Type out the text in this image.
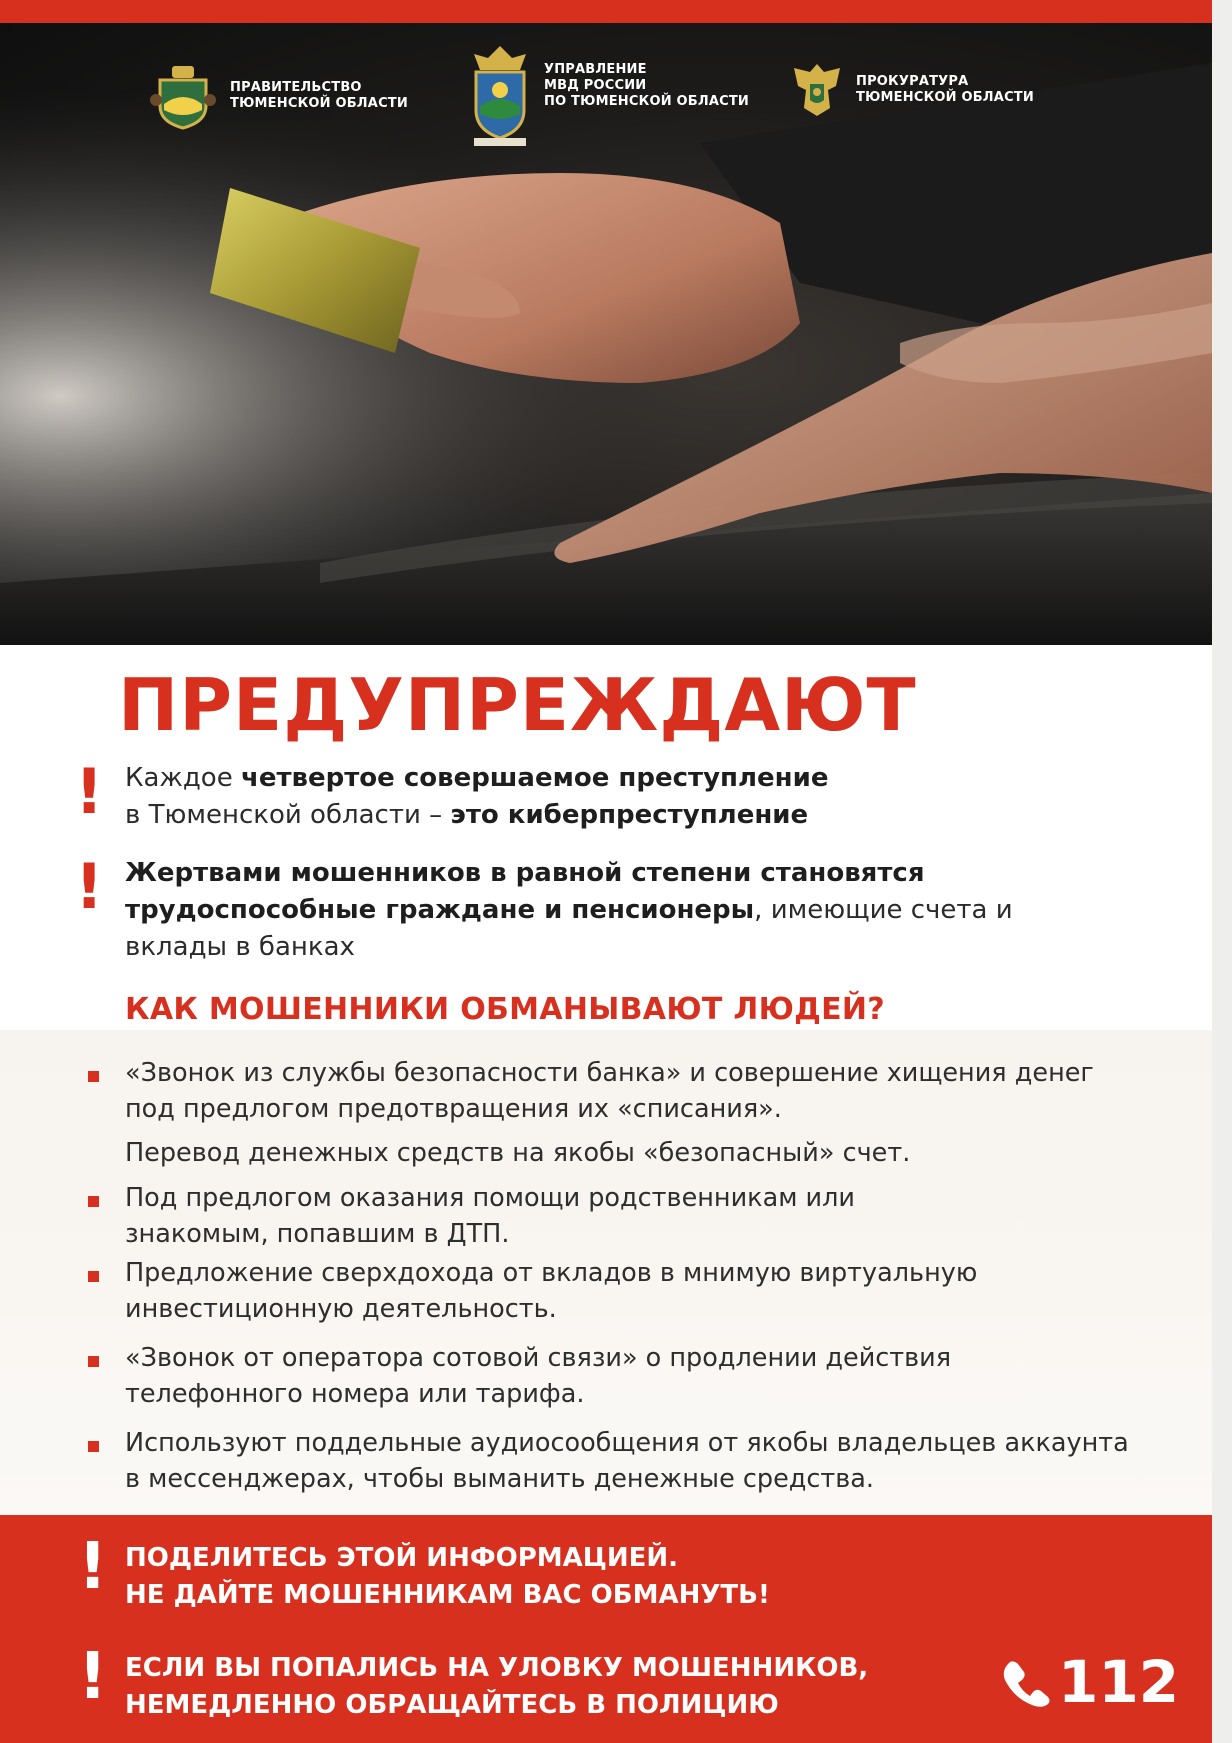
ПРАВИТЕЛЬСТВО
ТЮМЕНСКОЙ ОБЛАСТИ
УПРАВЛЕНИЕ
МВД РОССИИ
ПО ТЮМЕНСКОЙ ОБЛАСТИ
ПРОКУРАТУРА
ТЮМЕНСКОЙ ОБЛАСТИ
ПРЕДУПРЕЖДАЮТ
! Каждое четвертое совершаемое преступление
в Тюменской области – это киберпреступление
! Жертвами мошенников в равной степени становятся трудоспособные граждане и пенсионеры, имеющие счета и вклады в банках
КАК МОШЕННИКИ ОБМАНЫВАЮТ ЛЮДЕЙ?
«Звонок из службы безопасности банка» и совершение хищения денег под предлогом предотвращения их «списания».
Перевод денежных средств на якобы «безопасный» счет.
Под предлогом оказания помощи родственникам или знакомым, попавшим в ДТП.
Предложение сверхдохода от вкладов в мнимую виртуальную инвестиционную деятельность.
«Звонок от оператора сотовой связи» о продлении действия телефонного номера или тарифа.
Используют поддельные аудиосообщения от якобы владельцев аккаунта в мессенджерах, чтобы выманить денежные средства.
! ПОДЕЛИТЕСЬ ЭТОЙ ИНФОРМАЦИЕЙ.
НЕ ДАЙТЕ МОШЕННИКАМ ВАС ОБМАНУТЬ!
! ЕСЛИ ВЫ ПОПАЛИСЬ НА УЛОВКУ МОШЕННИКОВ,
НЕМЕДЛЕННО ОБРАЩАЙТЕСЬ В ПОЛИЦИЮ	112
